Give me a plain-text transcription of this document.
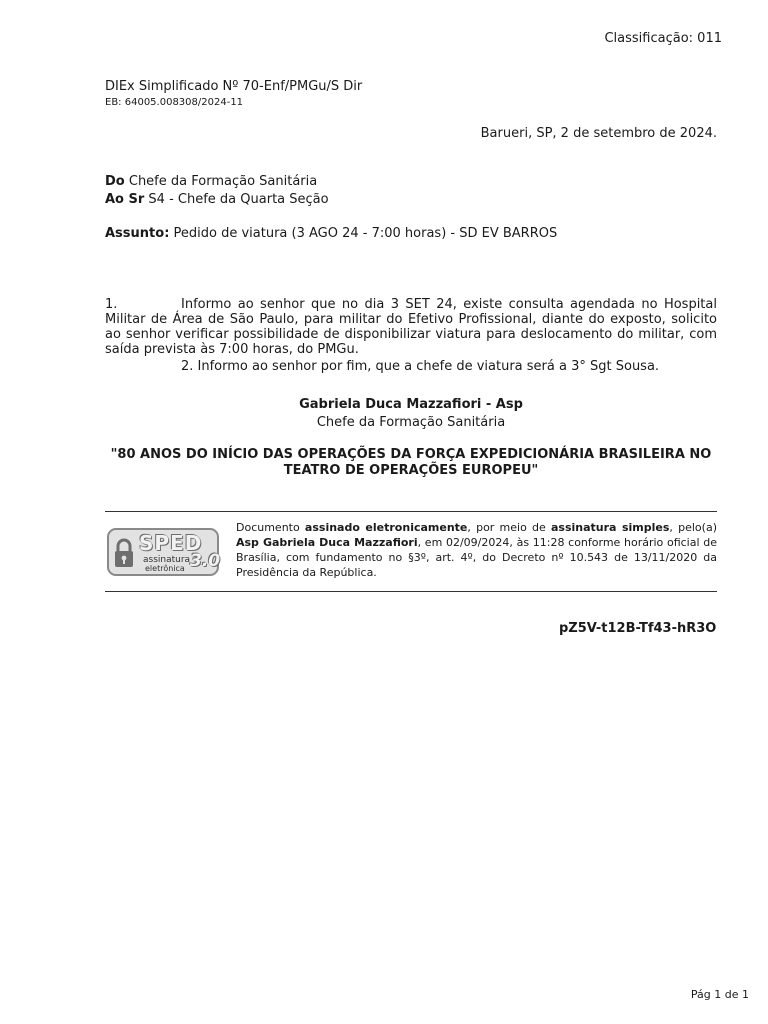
Classificação: 011
DIEx Simplificado Nº 70-Enf/PMGu/S Dir
EB: 64005.008308/2024-11
Barueri, SP, 2 de setembro de 2024.
Do Chefe da Formação Sanitária
Ao Sr S4 - Chefe da Quarta Seção
Assunto: Pedido de viatura (3 AGO 24 - 7:00 horas) - SD EV BARROS
1.	Informo ao senhor que no dia 3 SET 24, existe consulta agendada no Hospital Militar de Área de São Paulo, para militar do Efetivo Profissional, diante do exposto, solicito ao senhor verificar possibilidade de disponibilizar viatura para deslocamento do militar, com saída prevista às 7:00 horas, do PMGu.
2. Informo ao senhor por fim, que a chefe de viatura será a 3° Sgt Sousa.
Gabriela Duca Mazzafiori - Asp
Chefe da Formação Sanitária
"80 ANOS DO INÍCIO DAS OPERAÇÕES DA FORÇA EXPEDICIONÁRIA BRASILEIRA NO TEATRO DE OPERAÇÕES EUROPEU"
SPED
assinatura
eletrônica 3.0
Documento assinado eletronicamente, por meio de assinatura simples, pelo(a) Asp Gabriela Duca Mazzafiori, em 02/09/2024, às 11:28 conforme horário oficial de Brasília, com fundamento no §3º, art. 4º, do Decreto nº 10.543 de 13/11/2020 da Presidência da República.
pZ5V-t12B-Tf43-hR3O
Pág 1 de 1
